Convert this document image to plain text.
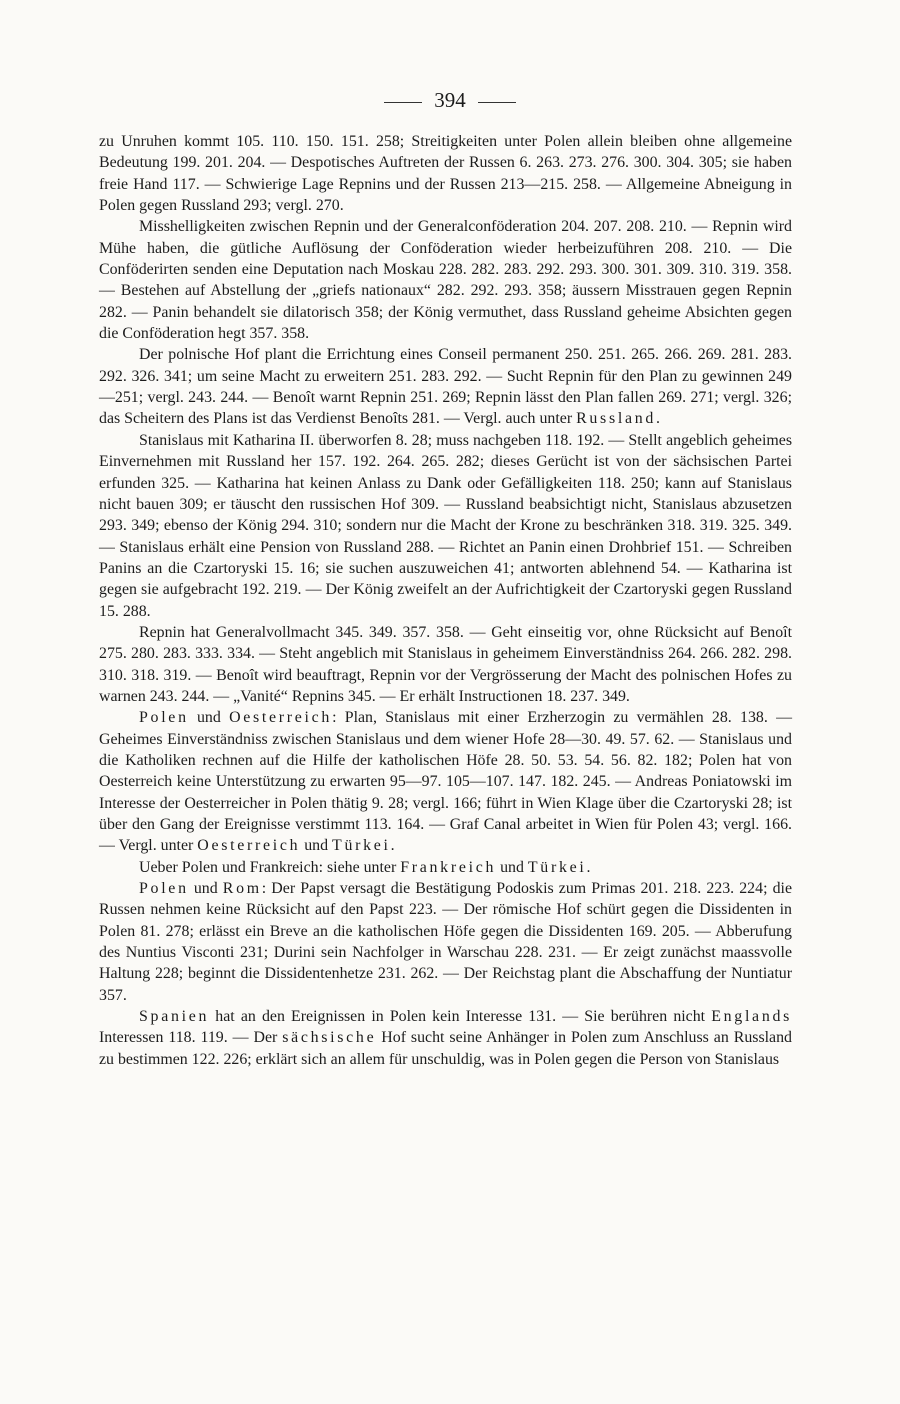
394

zu Unruhen kommt 105. 110. 150. 151. 258; Streitigkeiten unter Polen allein bleiben ohne allgemeine Bedeutung 199. 201. 204. — Despotisches Auftreten der Russen 6. 263. 273. 276. 300. 304. 305; sie haben freie Hand 117. — Schwierige Lage Repnins und der Russen 213—215. 258. — Allgemeine Abneigung in Polen gegen Russland 293; vergl. 270.

Misshelligkeiten zwischen Repnin und der Generalconföderation 204. 207. 208. 210. — Repnin wird Mühe haben, die gütliche Auflösung der Conföderation wieder herbeizuführen 208. 210. — Die Conföderirten senden eine Deputation nach Moskau 228. 282. 283. 292. 293. 300. 301. 309. 310. 319. 358. — Bestehen auf Abstellung der „griefs nationaux“ 282. 292. 293. 358; äussern Misstrauen gegen Repnin 282. — Panin behandelt sie dilatorisch 358; der König vermuthet, dass Russland geheime Absichten gegen die Conföderation hegt 357. 358.

Der polnische Hof plant die Errichtung eines Conseil permanent 250. 251. 265. 266. 269. 281. 283. 292. 326. 341; um seine Macht zu erweitern 251. 283. 292. — Sucht Repnin für den Plan zu gewinnen 249—251; vergl. 243. 244. — Benoît warnt Repnin 251. 269; Repnin lässt den Plan fallen 269. 271; vergl. 326; das Scheitern des Plans ist das Verdienst Benoîts 281. — Vergl. auch unter Russland.

Stanislaus mit Katharina II. überworfen 8. 28; muss nachgeben 118. 192. — Stellt angeblich geheimes Einvernehmen mit Russland her 157. 192. 264. 265. 282; dieses Gerücht ist von der sächsischen Partei erfunden 325. — Katharina hat keinen Anlass zu Dank oder Gefälligkeiten 118. 250; kann auf Stanislaus nicht bauen 309; er täuscht den russischen Hof 309. — Russland beabsichtigt nicht, Stanislaus abzusetzen 293. 349; ebenso der König 294. 310; sondern nur die Macht der Krone zu beschränken 318. 319. 325. 349. — Stanislaus erhält eine Pension von Russland 288. — Richtet an Panin einen Drohbrief 151. — Schreiben Panins an die Czartoryski 15. 16; sie suchen auszuweichen 41; antworten ablehnend 54. — Katharina ist gegen sie aufgebracht 192. 219. — Der König zweifelt an der Aufrichtigkeit der Czartoryski gegen Russland 15. 288.

Repnin hat Generalvollmacht 345. 349. 357. 358. — Geht einseitig vor, ohne Rücksicht auf Benoît 275. 280. 283. 333. 334. — Steht angeblich mit Stanislaus in geheimem Einverständniss 264. 266. 282. 298. 310. 318. 319. — Benoît wird beauftragt, Repnin vor der Vergrösserung der Macht des polnischen Hofes zu warnen 243. 244. — „Vanité“ Repnins 345. — Er erhält Instructionen 18. 237. 349.

Polen und Oesterreich: Plan, Stanislaus mit einer Erzherzogin zu vermählen 28. 138. — Geheimes Einverständniss zwischen Stanislaus und dem wiener Hofe 28—30. 49. 57. 62. — Stanislaus und die Katholiken rechnen auf die Hilfe der katholischen Höfe 28. 50. 53. 54. 56. 82. 182; Polen hat von Oesterreich keine Unterstützung zu erwarten 95—97. 105—107. 147. 182. 245. — Andreas Poniatowski im Interesse der Oesterreicher in Polen thätig 9. 28; vergl. 166; führt in Wien Klage über die Czartoryski 28; ist über den Gang der Ereignisse verstimmt 113. 164. — Graf Canal arbeitet in Wien für Polen 43; vergl. 166. — Vergl. unter Oesterreich und Türkei.

Ueber Polen und Frankreich: siehe unter Frankreich und Türkei.

Polen und Rom: Der Papst versagt die Bestätigung Podoskis zum Primas 201. 218. 223. 224; die Russen nehmen keine Rücksicht auf den Papst 223. — Der römische Hof schürt gegen die Dissidenten in Polen 81. 278; erlässt ein Breve an die katholischen Höfe gegen die Dissidenten 169. 205. — Abberufung des Nuntius Visconti 231; Durini sein Nachfolger in Warschau 228. 231. — Er zeigt zunächst maassvolle Haltung 228; beginnt die Dissidentenhetze 231. 262. — Der Reichstag plant die Abschaffung der Nuntiatur 357.

Spanien hat an den Ereignissen in Polen kein Interesse 131. — Sie berühren nicht Englands Interessen 118. 119. — Der sächsische Hof sucht seine Anhänger in Polen zum Anschluss an Russland zu bestimmen 122. 226; erklärt sich an allem für unschuldig, was in Polen gegen die Person von Stanislaus
